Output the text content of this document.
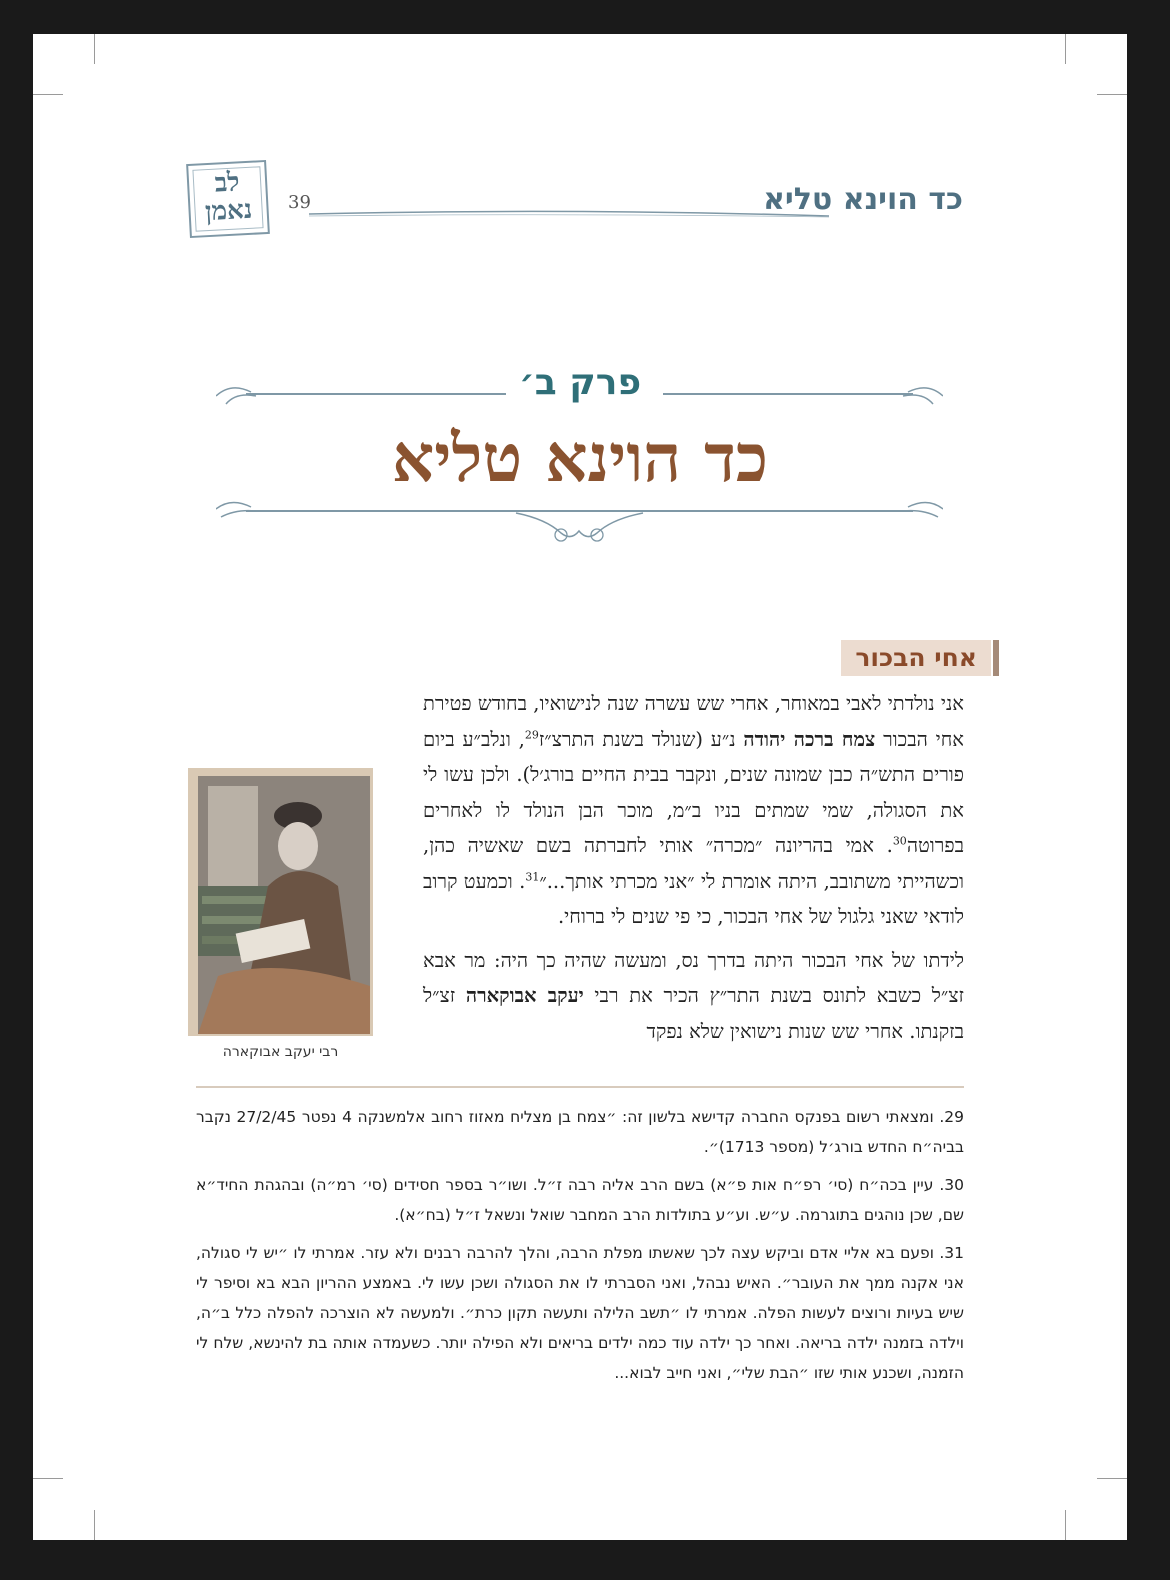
לב
נאמן	39	כד הוינא טליא
פרק ב׳
כד הוינא טליא
אחי הבכור

אני נולדתי לאבי במאוחר, אחרי שש עשרה שנה לנישואיו, בחודש פטירת אחי הבכור צמח ברכה יהודה נ״ע (שנולד בשנת התרצ״ז$^{29}$, ונלב״ע ביום פורים התש״ה כבן שמונה שנים, ונקבר בבית החיים בורג׳ל). ולכן עשו לי את הסגולה, שמי שמתים בניו ב״מ, מוכר הבן הנולד לו לאחרים בפרוטה$^{30}$. אמי בהריונה ״מכרה״ אותי לחברתה בשם שאשיה כהן, וכשהייתי משתובב, היתה אומרת לי ״אני מכרתי אותך...״$^{31}$. וכמעט קרוב לודאי שאני גלגול של אחי הבכור, כי פי שנים לי ברוחי.

לידתו של אחי הבכור היתה בדרך נס, ומעשה שהיה כך היה: מר אבא זצ״ל כשבא לתונס בשנת התר״ץ הכיר את רבי יעקב אבוקארה זצ״ל בזקנתו. אחרי שש שנות נישואין שלא נפקד

רבי יעקב אבוקארה

29. ומצאתי רשום בפנקס החברה קדישא בלשון זה: ״צמח בן מצליח מאזוז רחוב אלמשנקה 4 נפטר 27/2/45 נקבר בביה״ח החדש בורג׳ל (מספר 1713)״.

30. עיין בכה״ח (סי׳ רפ״ח אות פ״א) בשם הרב אליה רבה ז״ל. ושו״ר בספר חסידים (סי׳ רמ״ה) ובהגהת החיד״א שם, שכן נוהגים בתוגרמה. ע״ש. וע״ע בתולדות הרב המחבר שואל ונשאל ז״ל (בח״א).

31. ופעם בא אליי אדם וביקש עצה לכך שאשתו מפלת הרבה, והלך להרבה רבנים ולא עזר. אמרתי לו ״יש לי סגולה, אני אקנה ממך את העובר״. האיש נבהל, ואני הסברתי לו את הסגולה ושכן עשו לי. באמצע ההריון הבא בא וסיפר לי שיש בעיות ורוצים לעשות הפלה. אמרתי לו ״תשב הלילה ותעשה תקון כרת״. ולמעשה לא הוצרכה להפלה כלל ב״ה, וילדה בזמנה ילדה בריאה. ואחר כך ילדה עוד כמה ילדים בריאים ולא הפילה יותר. כשעמדה אותה בת להינשא, שלח לי הזמנה, ושכנע אותי שזו ״הבת שלי״, ואני חייב לבוא...
